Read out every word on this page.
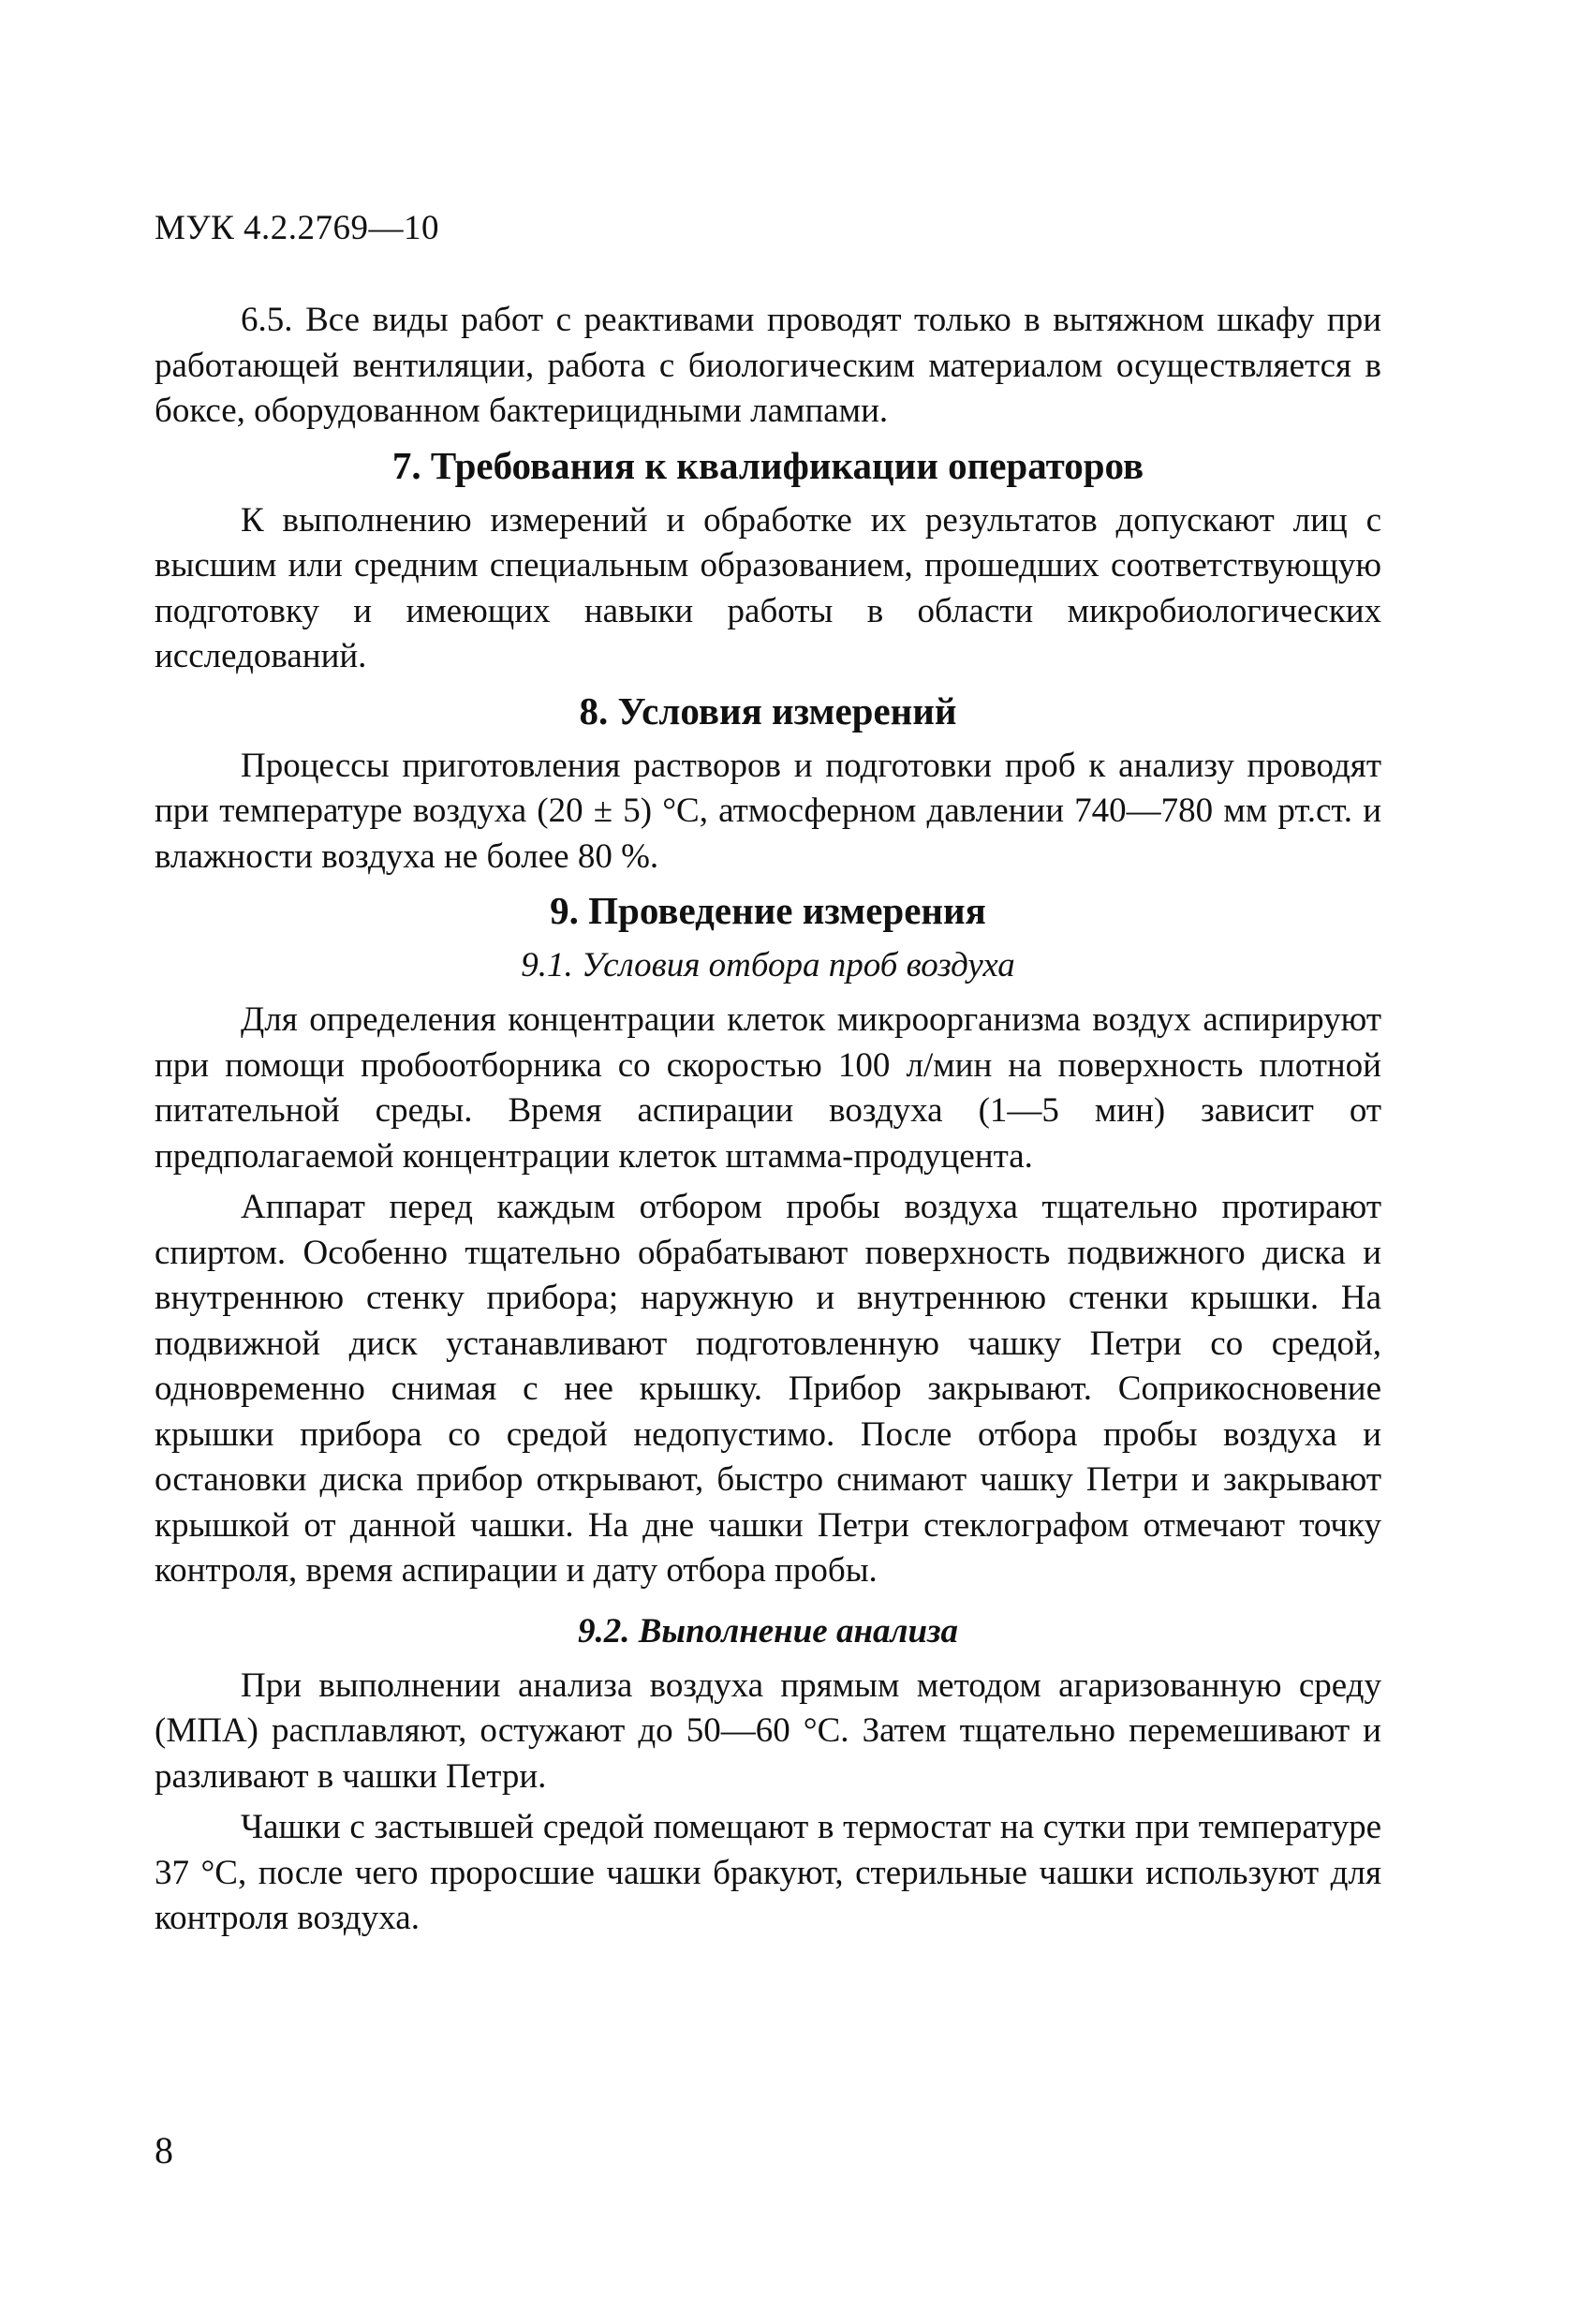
МУК 4.2.2769—10

6.5. Все виды работ с реактивами проводят только в вытяжном шкафу при работающей вентиляции, работа с биологическим материалом осуществляется в боксе, оборудованном бактерицидными лампами.

7. Требования к квалификации операторов

К выполнению измерений и обработке их результатов допускают лиц с высшим или средним специальным образованием, прошедших соответствующую подготовку и имеющих навыки работы в области микробиологических исследований.

8. Условия измерений

Процессы приготовления растворов и подготовки проб к анализу проводят при температуре воздуха (20 ± 5) °С, атмосферном давлении 740—780 мм рт.ст. и влажности воздуха не более 80 %.

9. Проведение измерения
9.1. Условия отбора проб воздуха

Для определения концентрации клеток микроорганизма воздух аспирируют при помощи пробоотборника со скоростью 100 л/мин на поверхность плотной питательной среды. Время аспирации воздуха (1—5 мин) зависит от предполагаемой концентрации клеток штамма-продуцента.

Аппарат перед каждым отбором пробы воздуха тщательно протирают спиртом. Особенно тщательно обрабатывают поверхность подвижного диска и внутреннюю стенку прибора; наружную и внутреннюю стенки крышки. На подвижной диск устанавливают подготовленную чашку Петри со средой, одновременно снимая с нее крышку. Прибор закрывают. Соприкосновение крышки прибора со средой недопустимо. После отбора пробы воздуха и остановки диска прибор открывают, быстро снимают чашку Петри и закрывают крышкой от данной чашки. На дне чашки Петри стеклографом отмечают точку контроля, время аспирации и дату отбора пробы.

9.2. Выполнение анализа

При выполнении анализа воздуха прямым методом агаризованную среду (МПА) расплавляют, остужают до 50—60 °С. Затем тщательно перемешивают и разливают в чашки Петри.

Чашки с застывшей средой помещают в термостат на сутки при температуре 37 °С, после чего проросшие чашки бракуют, стерильные чашки используют для контроля воздуха.

8
